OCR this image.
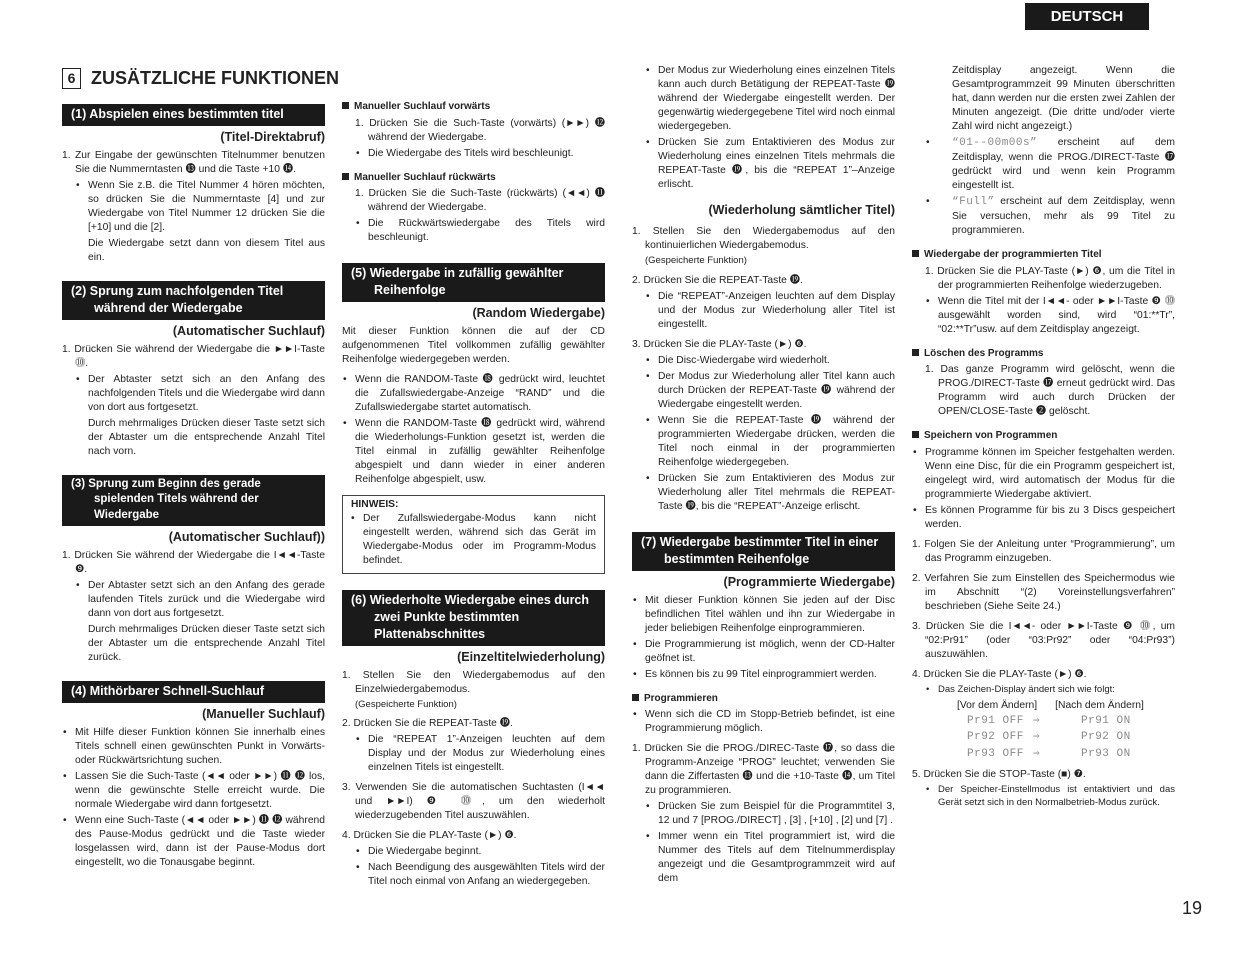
DEUTSCH
6 ZUSÄTZLICHE FUNKTIONEN
(1) Abspielen eines bestimmten titel
(Titel-Direktabruf)

1. Zur Eingabe der gewünschten Titelnummer benutzen Sie die Nummerntasten ⓭ und die Taste +10 ⓮.

• Wenn Sie z.B. die Titel Nummer 4 hören möchten, so drücken Sie die Nummerntaste [4] und zur Wiedergabe von Titel Nummer 12 drücken Sie die [+10] und die [2].

Die Wiedergabe setzt dann von diesem Titel aus ein.

(2) Sprung zum nachfolgenden Titel während der Wiedergabe
(Automatischer Suchlauf)

1. Drücken Sie während der Wiedergabe die ►►I-Taste ⓾.

• Der Abtaster setzt sich an den Anfang des nachfolgenden Titels und die Wiedergabe wird dann von dort aus fortgesetzt.

Durch mehrmaliges Drücken dieser Taste setzt sich der Abtaster um die entsprechende Anzahl Titel nach vorn.

(3) Sprung zum Beginn des gerade spielenden Titels während der Wiedergabe
(Automatischer Suchlauf))

1. Drücken Sie während der Wiedergabe die I◄◄-Taste ❾.

• Der Abtaster setzt sich an den Anfang des gerade laufenden Titels zurück und die Wiedergabe wird dann von dort aus fortgesetzt.

Durch mehrmaliges Drücken dieser Taste setzt sich der Abtaster um die entsprechende Anzahl Titel zurück.

(4) Mithörbarer Schnell-Suchlauf
(Manueller Suchlauf)

• Mit Hilfe dieser Funktion können Sie innerhalb eines Titels schnell einen gewünschten Punkt in Vorwärts- oder Rückwärtsrichtung suchen.

• Lassen Sie die Such-Taste (◄◄ oder ►►) ⓫ ⓬ los, wenn die gewünschte Stelle erreicht wurde. Die normale Wiedergabe wird dann fortgesetzt.

• Wenn eine Such-Taste (◄◄ oder ►►) ⓫ ⓬ während des Pause-Modus gedrückt und die Taste wieder losgelassen wird, dann ist der Pause-Modus dort eingestellt, wo die Tonausgabe beginnt.

Manueller Suchlauf vorwärts

1. Drücken Sie die Such-Taste (vorwärts) (►►) ⓬ während der Wiedergabe.

• Die Wiedergabe des Titels wird beschleunigt.

Manueller Suchlauf rückwärts

1. Drücken Sie die Such-Taste (rückwärts) (◄◄) ⓫ während der Wiedergabe.

• Die Rückwärtswiedergabe des Titels wird beschleunigt.

(5) Wiedergabe in zufällig gewählter Reihenfolge
(Random Wiedergabe)

Mit dieser Funktion können die auf der CD aufgenommenen Titel vollkommen zufällig gewählter Reihenfolge wiedergegeben werden.

• Wenn die RANDOM-Taste ⓲ gedrückt wird, leuchtet die Zufallswiedergabe-Anzeige “RAND” und die Zufallswiedergabe startet automatisch.

• Wenn die RANDOM-Taste ⓲ gedrückt wird, während die Wiederholungs-Funktion gesetzt ist, werden die Titel einmal in zufällig gewählter Reihenfolge abgespielt und dann wieder in einer anderen Reihenfolge abgespielt, usw.

HINWEIS:

• Der Zufallswiedergabe-Modus kann nicht eingestellt werden, während sich das Gerät im Wiedergabe-Modus oder im Programm-Modus befindet.

(6) Wiederholte Wiedergabe eines durch zwei Punkte bestimmten Plattenabschnittes
(Einzeltitelwiederholung)

1. Stellen Sie den Wiedergabemodus auf den Einzelwiedergabemodus.

(Gespeicherte Funktion)

2. Drücken Sie die REPEAT-Taste ⓳.

• Die “REPEAT 1”-Anzeigen leuchten auf dem Display und der Modus zur Wiederholung eines einzelnen Titels ist eingestellt.

3. Verwenden Sie die automatischen Suchtasten (I◄◄ und ►►I) ❾ ⓾, um den wiederholt wiederzugebenden Titel auszuwählen.

4. Drücken Sie die PLAY-Taste (►) ❻.

• Die Wiedergabe beginnt.

• Nach Beendigung des ausgewählten Titels wird der Titel noch einmal von Anfang an wiedergegeben.

• Der Modus zur Wiederholung eines einzelnen Titels kann auch durch Betätigung der REPEAT-Taste ⓳ während der Wiedergabe eingestellt werden. Der gegenwärtig wiedergegebene Titel wird noch einmal wiedergegeben.

• Drücken Sie zum Entaktivieren des Modus zur Wiederholung eines einzelnen Titels mehrmals die REPEAT-Taste ⓳, bis die “REPEAT 1”–Anzeige erlischt.

(Wiederholung sämtlicher Titel)

1. Stellen Sie den Wiedergabemodus auf den kontinuierlichen Wiedergabemodus.

(Gespeicherte Funktion)

2. Drücken Sie die REPEAT-Taste ⓳.

• Die “REPEAT”-Anzeigen leuchten auf dem Display und der Modus zur Wiederholung aller Titel ist eingestellt.

3. Drücken Sie die PLAY-Taste (►) ❻.

• Die Disc-Wiedergabe wird wiederholt.

• Der Modus zur Wiederholung aller Titel kann auch durch Drücken der REPEAT-Taste ⓳ während der Wiedergabe eingestellt werden.

• Wenn Sie die REPEAT-Taste ⓳ während der programmierten Wiedergabe drücken, werden die Titel noch einmal in der programmierten Reihenfolge wiedergegeben.

• Drücken Sie zum Entaktivieren des Modus zur Wiederholung aller Titel mehrmals die REPEAT-Taste ⓳, bis die “REPEAT”-Anzeige erlischt.

(7) Wiedergabe bestimmter Titel in einer bestimmten Reihenfolge
(Programmierte Wiedergabe)

• Mit dieser Funktion können Sie jeden auf der Disc befindlichen Titel wählen und ihn zur Wiedergabe in jeder beliebigen Reihenfolge einprogrammieren.

• Die Programmierung ist möglich, wenn der CD-Halter geöfnet ist.

• Es können bis zu 99 Titel einprogrammiert werden.

Programmieren

• Wenn sich die CD im Stopp-Betrieb befindet, ist eine Programmierung möglich.

1. Drücken Sie die PROG./DIREC-Taste ⓱, so dass die Programm-Anzeige “PROG” leuchtet; verwenden Sie dann die Ziffertasten ⓭ und die +10-Taste ⓮, um Titel zu programmieren.

• Drücken Sie zum Beispiel für die Programmtitel 3, 12 und 7 [PROG./DIRECT] , [3] , [+10] , [2] und [7] .

• Immer wenn ein Titel programmiert ist, wird die Nummer des Titels auf dem Titelnummerdisplay angezeigt und die Gesamtprogrammzeit wird auf dem

Zeitdisplay angezeigt. Wenn die Gesamtprogrammzeit 99 Minuten überschritten hat, dann werden nur die ersten zwei Zahlen der Minuten angezeigt. (Die dritte und/oder vierte Zahl wird nicht angezeigt.)

• “01--00m00s” erscheint auf dem Zeitdisplay, wenn die PROG./DIRECT-Taste ⓱ gedrückt wird und wenn kein Programm eingestellt ist.

• “Full” erscheint auf dem Zeitdisplay, wenn Sie versuchen, mehr als 99 Titel zu programmieren.

Wiedergabe der programmierten Titel

1. Drücken Sie die PLAY-Taste (►) ❻, um die Titel in der programmierten Reihenfolge wiederzugeben.

• Wenn die Titel mit der I◄◄- oder ►►I-Taste ❾ ⓾ ausgewählt worden sind, wird “01:**Tr”, “02:**Tr”usw. auf dem Zeitdisplay angezeigt.

Löschen des Programms

1. Das ganze Programm wird gelöscht, wenn die PROG./DIRECT-Taste ⓱ erneut gedrückt wird. Das Programm wird auch durch Drücken der OPEN/CLOSE-Taste ❷ gelöscht.

Speichern von Programmen

• Programme können im Speicher festgehalten werden. Wenn eine Disc, für die ein Programm gespeichert ist, eingelegt wird, wird automatisch der Modus für die programmierte Wiedergabe aktiviert.

• Es können Programme für bis zu 3 Discs gespeichert werden.

1. Folgen Sie der Anleitung unter “Programmierung”, um das Programm einzugeben.

2. Verfahren Sie zum Einstellen des Speichermodus wie im Abschnitt “(2) Voreinstellungsverfahren” beschrieben (Siehe Seite 24.)

3. Drücken Sie die I◄◄- oder ►►I-Taste ❾ ⓾, um “02:Pr91” (oder “03:Pr92” oder “04:Pr93”) auszuwählen.

4. Drücken Sie die PLAY-Taste (►) ❻.

• Das Zeichen-Display ändert sich wie folgt:

[Vor dem Ändern] [Nach dem Ändern]
Pr91 OFF ⇒	Pr91 ON
Pr92 OFF ⇒	Pr92 ON
Pr93 OFF ⇒	Pr93 ON

5. Drücken Sie die STOP-Taste (■) ❼.

• Der Speicher-Einstellmodus ist entaktiviert und das Gerät setzt sich in den Normalbetrieb-Modus zurück.

19
